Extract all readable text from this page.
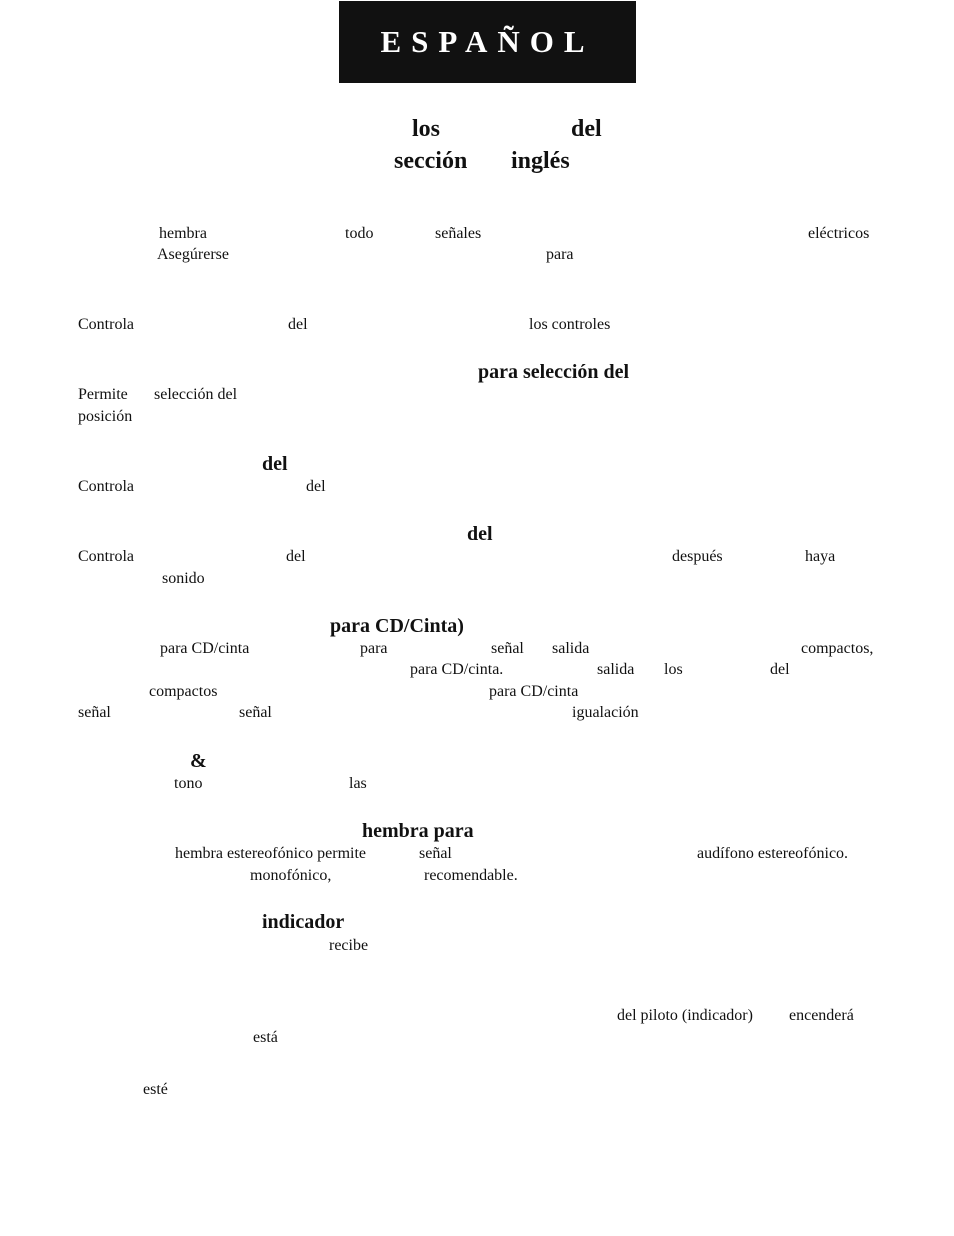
ESPAÑOL
los	del
sección inglés
hembra	todo	señales	eléctricos
Asegúrerse	para
Controla	del	los controles
para selección del
Permite selección del
posición
del
Controla	del
del
Controla	del	después	haya
sonido
para CD/Cinta)
para CD/cinta	para	señal salida	compactos,
para CD/cinta.	salida los	del
compactos	para CD/cinta
señal	señal	igualación
&
tono	las
hembra para
hembra estereofónico permite	señal	audífono estereofónico.
monofónico,	recomendable.
indicador
recibe
del piloto (indicador) encenderá
está
esté
